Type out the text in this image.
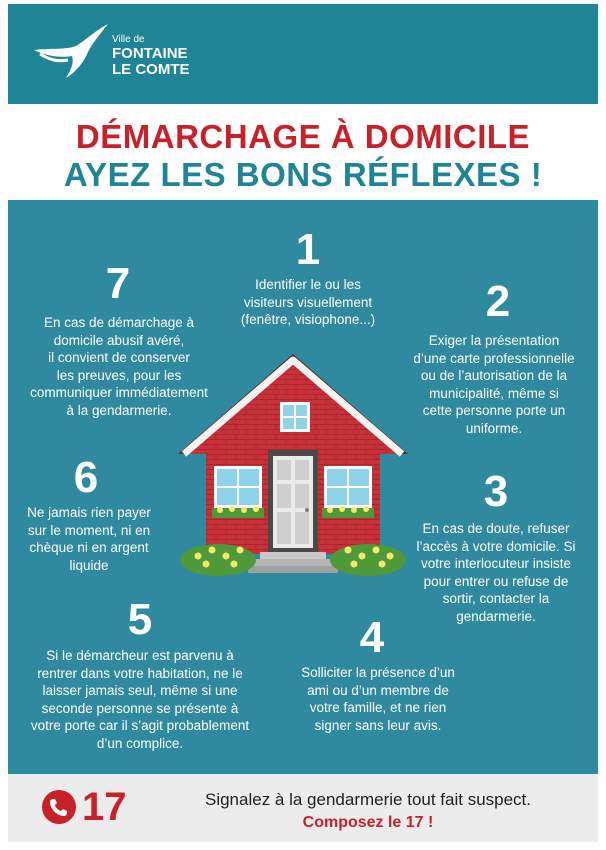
Ville de
FONTAINE
LE COMTE
DÉMARCHAGE À DOMICILE
AYEZ LES BONS RÉFLEXES !
1
Identifier le ou les
visiteurs visuellement
(fenêtre, visiophone...)	2
Exiger la présentation
d’une carte professionnelle
ou de l’autorisation de la
municipalité, même si
cette personne porte un
uniforme.
3
En cas de doute, refuser
l’accès à votre domicile. Si
votre interlocuteur insiste
pour entrer ou refuse de
sortir, contacter la
gendarmerie.
4
Solliciter la présence d’un
ami ou d’un membre de
votre famille, et ne rien
signer sans leur avis.
5
Si le démarcheur est parvenu à
rentrer dans votre habitation, ne le
laisser jamais seul, même si une
seconde personne se présente à
votre porte car il s’agit probablement
d’un complice.
6
Ne jamais rien payer
sur le moment, ni en
chèque ni en argent
liquide
7
En cas de démarchage à
domicile abusif avéré,
il convient de conserver
les preuves, pour les
communiquer immédiatement
à la gendarmerie.
17	Signalez à la gendarmerie tout fait suspect.
Composez le 17 !
